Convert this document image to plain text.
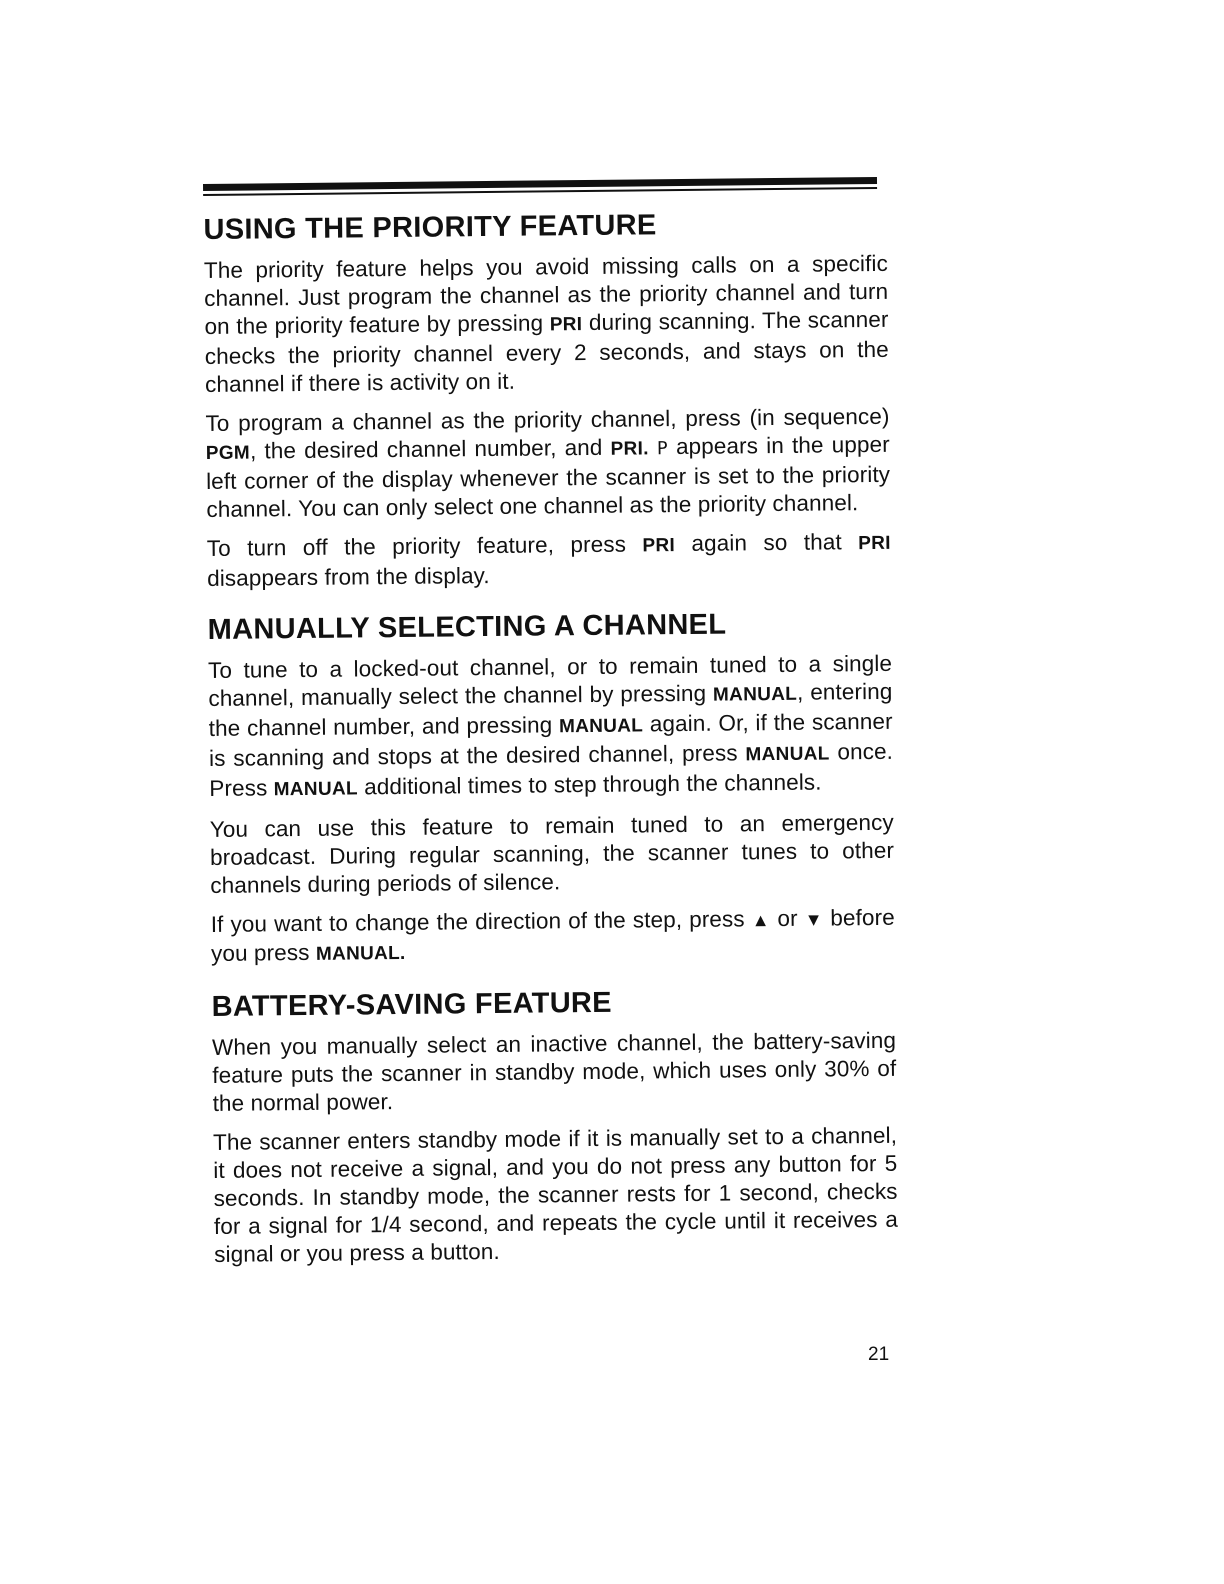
USING THE PRIORITY FEATURE

The priority feature helps you avoid missing calls on a specific channel. Just program the channel as the priority channel and turn on the priority feature by pressing PRI during scanning. The scanner checks the priority channel every 2 seconds, and stays on the channel if there is activity on it.

To program a channel as the priority channel, press (in sequence) PGM, the desired channel number, and PRI. P appears in the upper left corner of the display whenever the scanner is set to the priority channel. You can only select one channel as the priority channel.

To turn off the priority feature, press PRI again so that PRI disappears from the display.

MANUALLY SELECTING A CHANNEL

To tune to a locked-out channel, or to remain tuned to a single channel, manually select the channel by pressing MANUAL, entering the channel number, and pressing MANUAL again. Or, if the scanner is scanning and stops at the desired channel, press MANUAL once. Press MANUAL additional times to step through the channels.

You can use this feature to remain tuned to an emergency broadcast. During regular scanning, the scanner tunes to other channels during periods of silence.

If you want to change the direction of the step, press ▲ or ▼ before you press MANUAL.

BATTERY-SAVING FEATURE

When you manually select an inactive channel, the battery-saving feature puts the scanner in standby mode, which uses only 30% of the normal power.

The scanner enters standby mode if it is manually set to a channel, it does not receive a signal, and you do not press any button for 5 seconds. In standby mode, the scanner rests for 1 second, checks for a signal for 1/4 second, and repeats the cycle until it receives a signal or you press a button.

21
